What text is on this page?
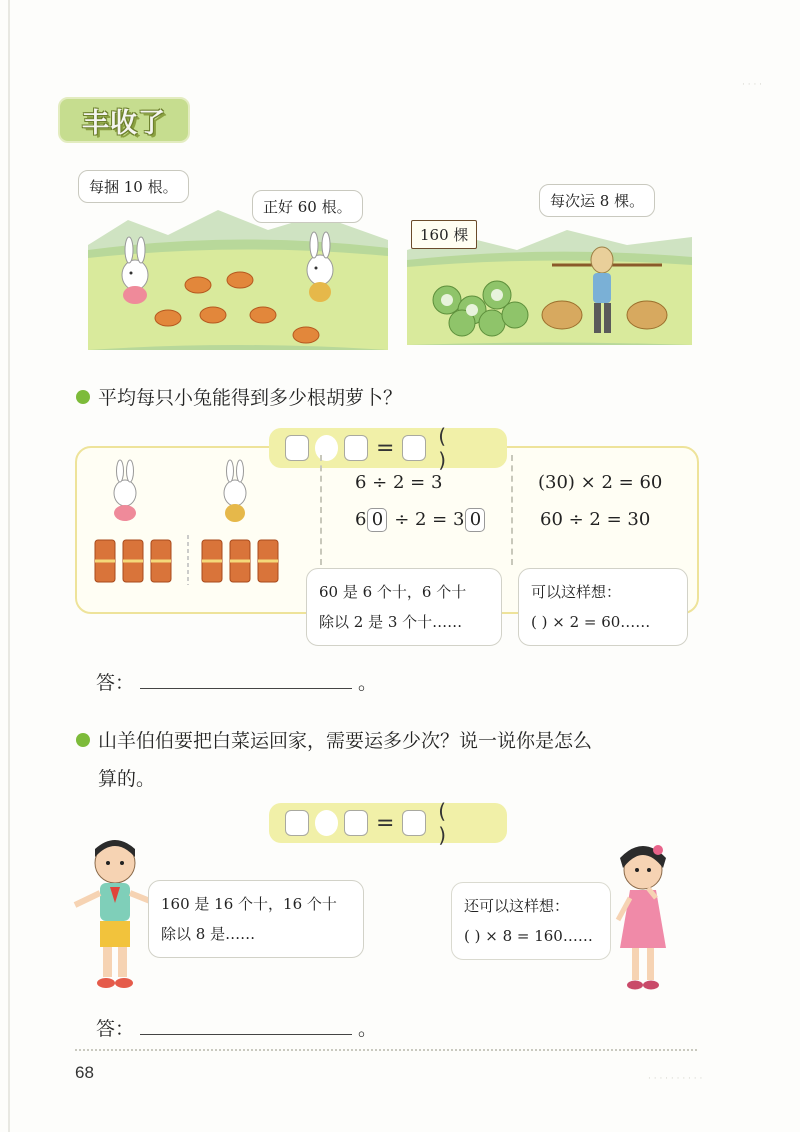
· · · ·
丰收了
每捆 10 根。
正好 60 根。
160 棵
每次运 8 棵。
平均每只小兔能得到多少根胡萝卜？
=	( )
6 ÷ 2 = 3
6 0 ÷ 2 = 3 0
(30) × 2 = 60
60 ÷ 2 = 30
60 是 6 个十，6 个十
除以 2 是 3 个十……
可以这样想：
( ) × 2 = 60……
答：	。
山羊伯伯要把白菜运回家，需要运多少次？说一说你是怎么
算的。
=	( )
160 是 16 个十，16 个十
除以 8 是……
还可以这样想：
( ) × 8 = 160……
答：	。
68	· · · · · · · · · ·
